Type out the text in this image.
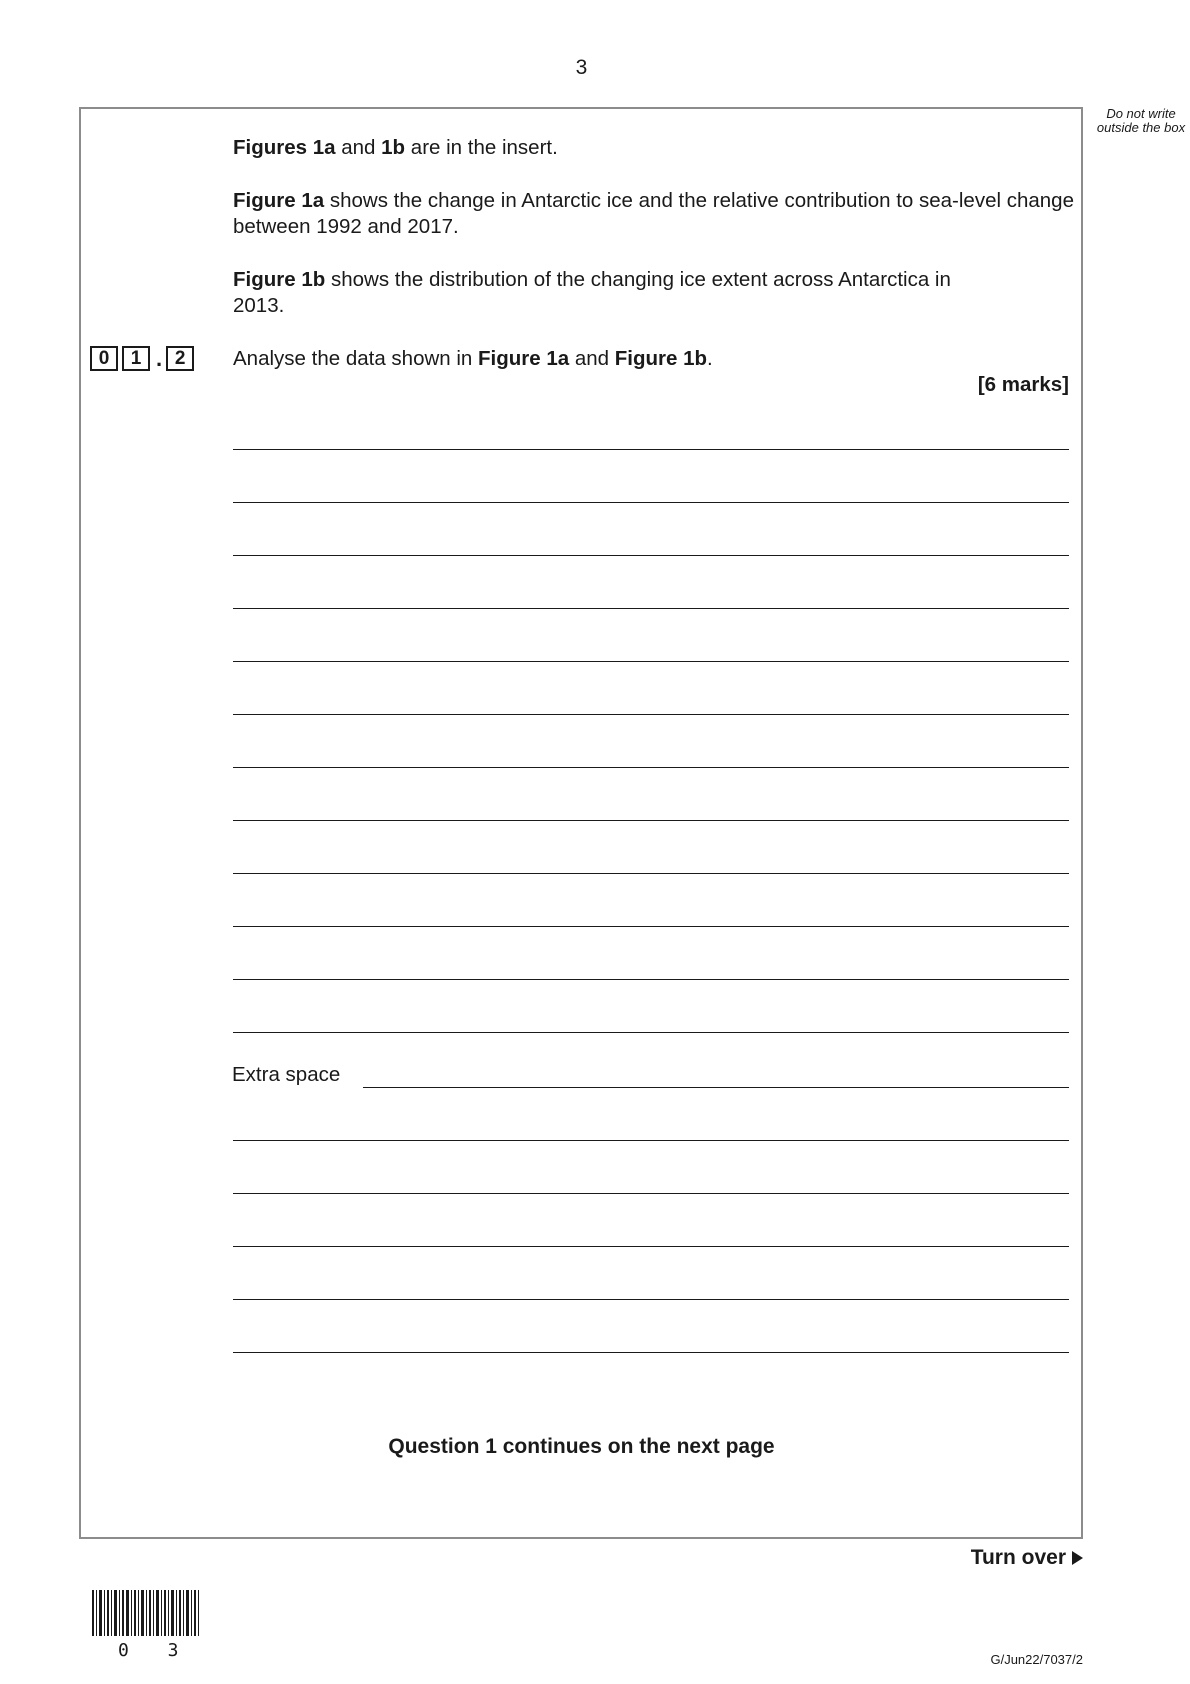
3
Do not write outside the box
Figures 1a and 1b are in the insert.
Figure 1a shows the change in Antarctic ice and the relative contribution to sea-level change between 1992 and 2017.
Figure 1b shows the distribution of the changing ice extent across Antarctica in 2013.
0	1 . 2	Analyse the data shown in Figure 1a and Figure 1b.
[6 marks]
Extra space
Question 1 continues on the next page
Turn over
0 3	G/Jun22/7037/2
